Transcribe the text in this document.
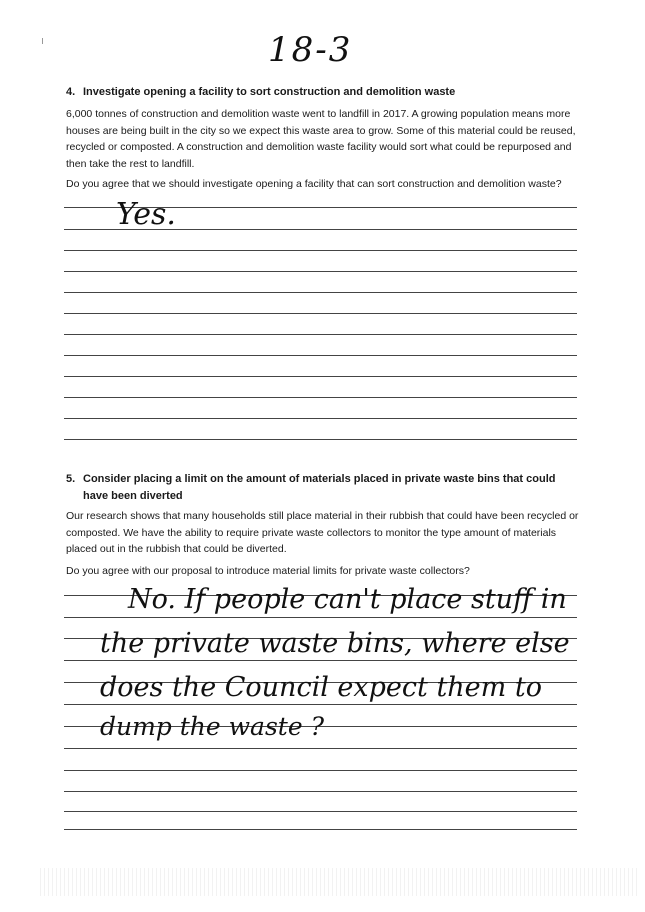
18-3
4. Investigate opening a facility to sort construction and demolition waste

6,000 tonnes of construction and demolition waste went to landfill in 2017. A growing population means more houses are being built in the city so we expect this waste area to grow. Some of this material could be reused, recycled or composted. A construction and demolition waste facility would sort what could be repurposed and then take the rest to landfill.

Do you agree that we should investigate opening a facility that can sort construction and demolition waste?

Yes.
5. Consider placing a limit on the amount of materials placed in private waste bins that could have been diverted

Our research shows that many households still place material in their rubbish that could have been recycled or composted. We have the ability to require private waste collectors to monitor the type amount of materials placed out in the rubbish that could be diverted.

Do you agree with our proposal to introduce material limits for private waste collectors?

No. If people can't place stuff in
the private waste bins, where else
does the Council expect them to
dump the waste ?
